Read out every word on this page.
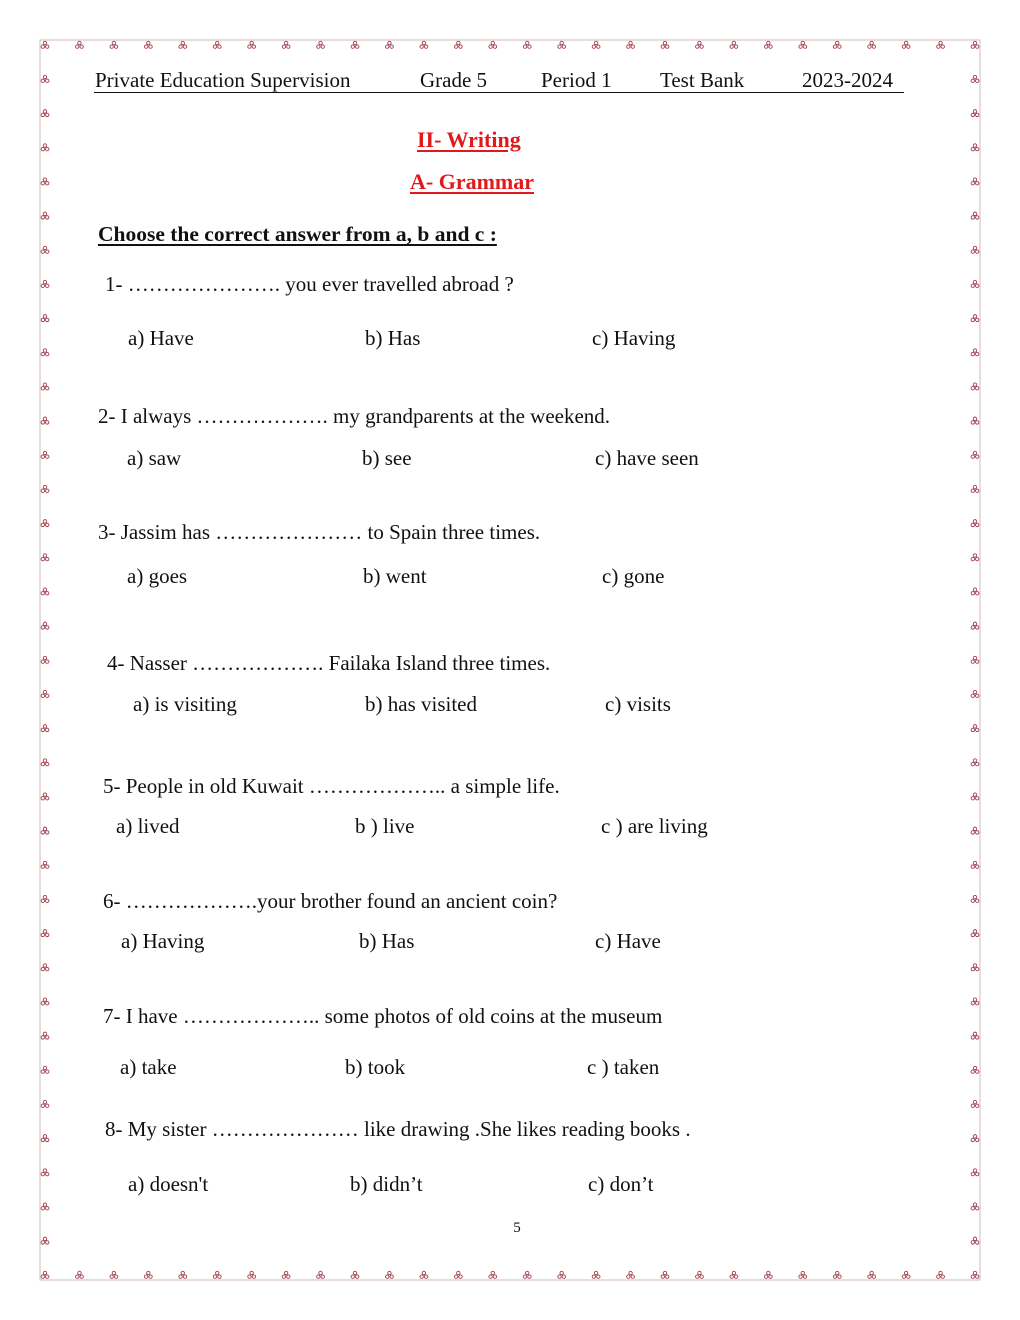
Private Education Supervision	Grade 5	Period 1 Test Bank	2023-2024
II- Writing
A- Grammar
Choose the correct answer from a, b and c :
1- …………………. you ever travelled abroad ?
a) Have	b) Has	c) Having
2- I always ………………. my grandparents at the weekend.
a) saw	b) see	c) have seen
3- Jassim has ………………… to Spain three times.
a) goes	b) went	c) gone
4- Nasser ………………. Failaka Island three times.
a) is visiting	b) has visited	c) visits
5- People in old Kuwait ……………….. a simple life.
a) lived	b ) live	c ) are living
6- ……………….your brother found an ancient coin?
a) Having	b) Has	c) Have
7- I have ……………….. some photos of old coins at the museum
a) take	b) took	c ) taken
8- My sister ………………… like drawing .She likes reading books .
a) doesn't	b) didn’t	c) don’t
5
